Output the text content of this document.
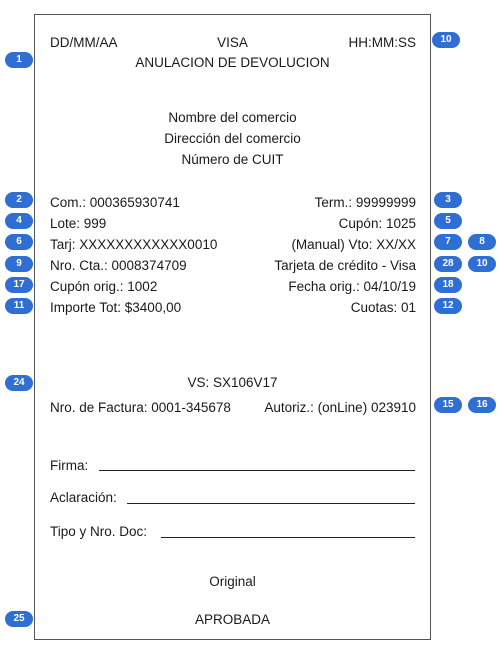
DD/MM/AA	VISA	HH:MM:SS
ANULACION DE DEVOLUCION
Nombre del comercio
Dirección del comercio
Número de CUIT
Com.: 000365930741	Term.: 99999999
Lote: 999	Cupón: 1025
Tarj: XXXXXXXXXXXX0010	(Manual) Vto: XX/XX
Nro. Cta.: 0008374709	Tarjeta de crédito - Visa
Cupón orig.: 1002	Fecha orig.: 04/10/19
Importe Tot: $3400,00	Cuotas: 01
VS: SX106V17
Nro. de Factura: 0001-345678 Autoriz.: (onLine) 023910
Firma:
Aclaración:
Tipo y Nro. Doc:
Original
APROBADA
10
1
2	3
4	5
6	7	8
9	28	10
17	18
11	12
24
15	16
25
